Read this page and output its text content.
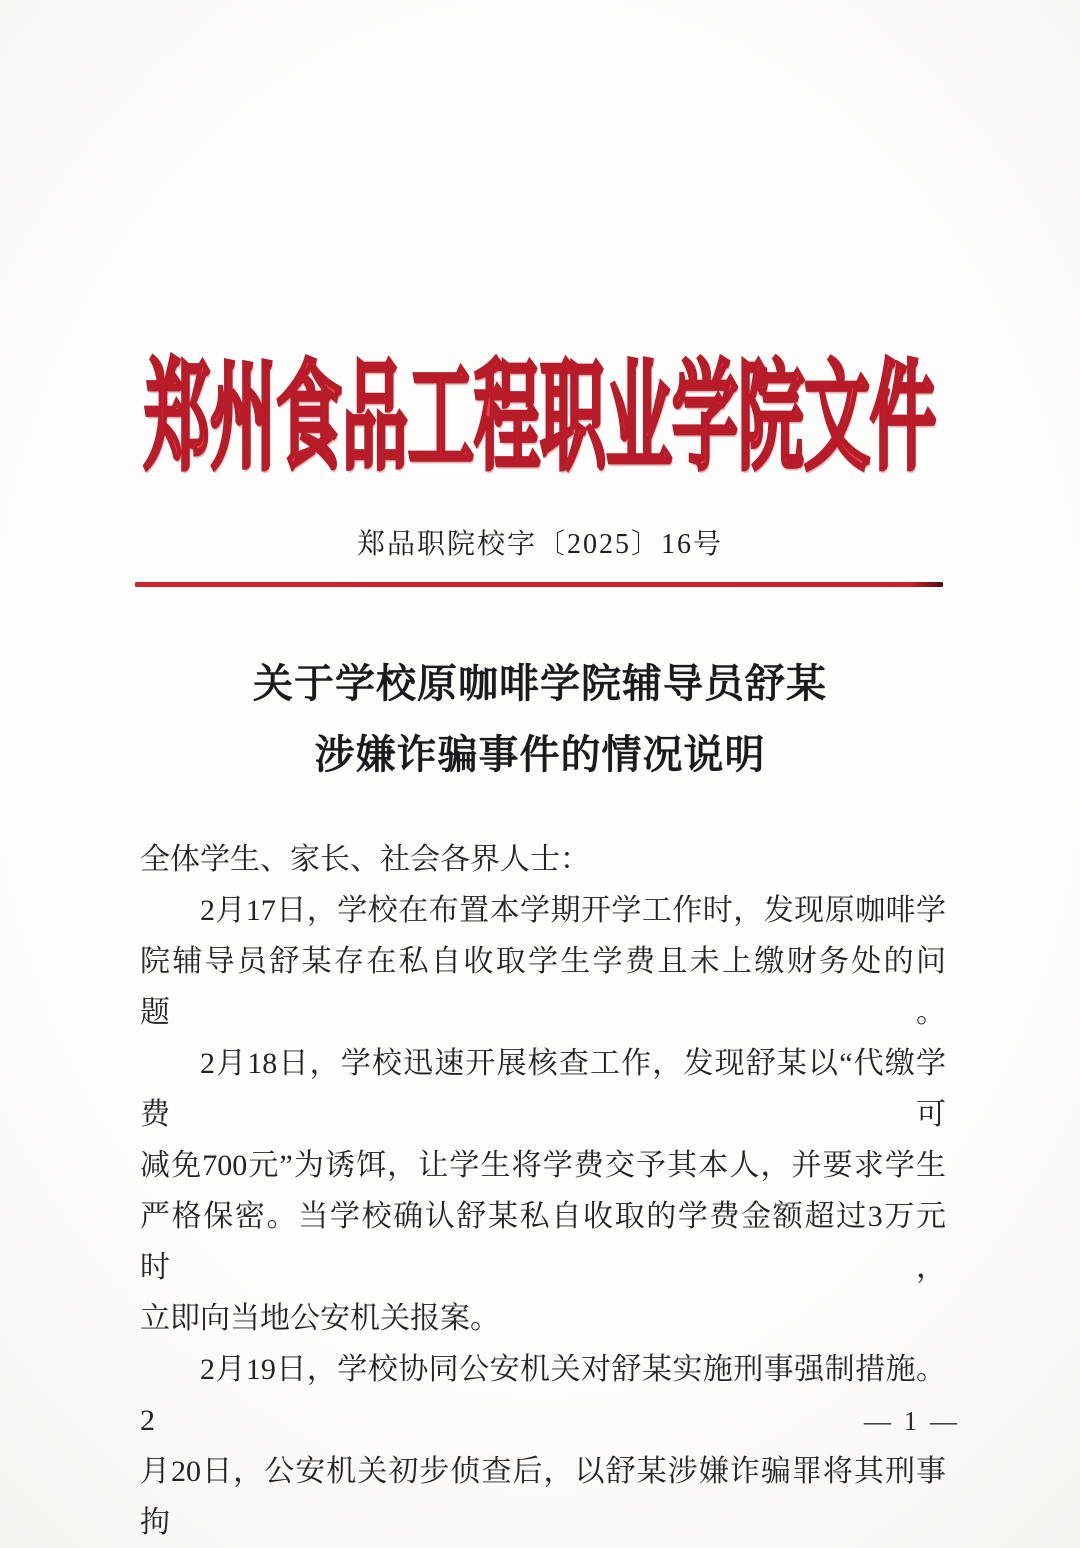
郑州食品工程职业学院文件
郑品职院校字〔2025〕16号
关于学校原咖啡学院辅导员舒某
涉嫌诈骗事件的情况说明

全体学生、家长、社会各界人士：

2月17日，学校在布置本学期开学工作时，发现原咖啡学

院辅导员舒某存在私自收取学生学费且未上缴财务处的问题。

2月18日，学校迅速开展核查工作，发现舒某以“代缴学费可

减免700元”为诱饵，让学生将学费交予其本人，并要求学生

严格保密。当学校确认舒某私自收取的学费金额超过3万元时，

立即向当地公安机关报案。

2月19日，学校协同公安机关对舒某实施刑事强制措施。2

月20日，公安机关初步侦查后，以舒某涉嫌诈骗罪将其刑事拘

— 1 —
